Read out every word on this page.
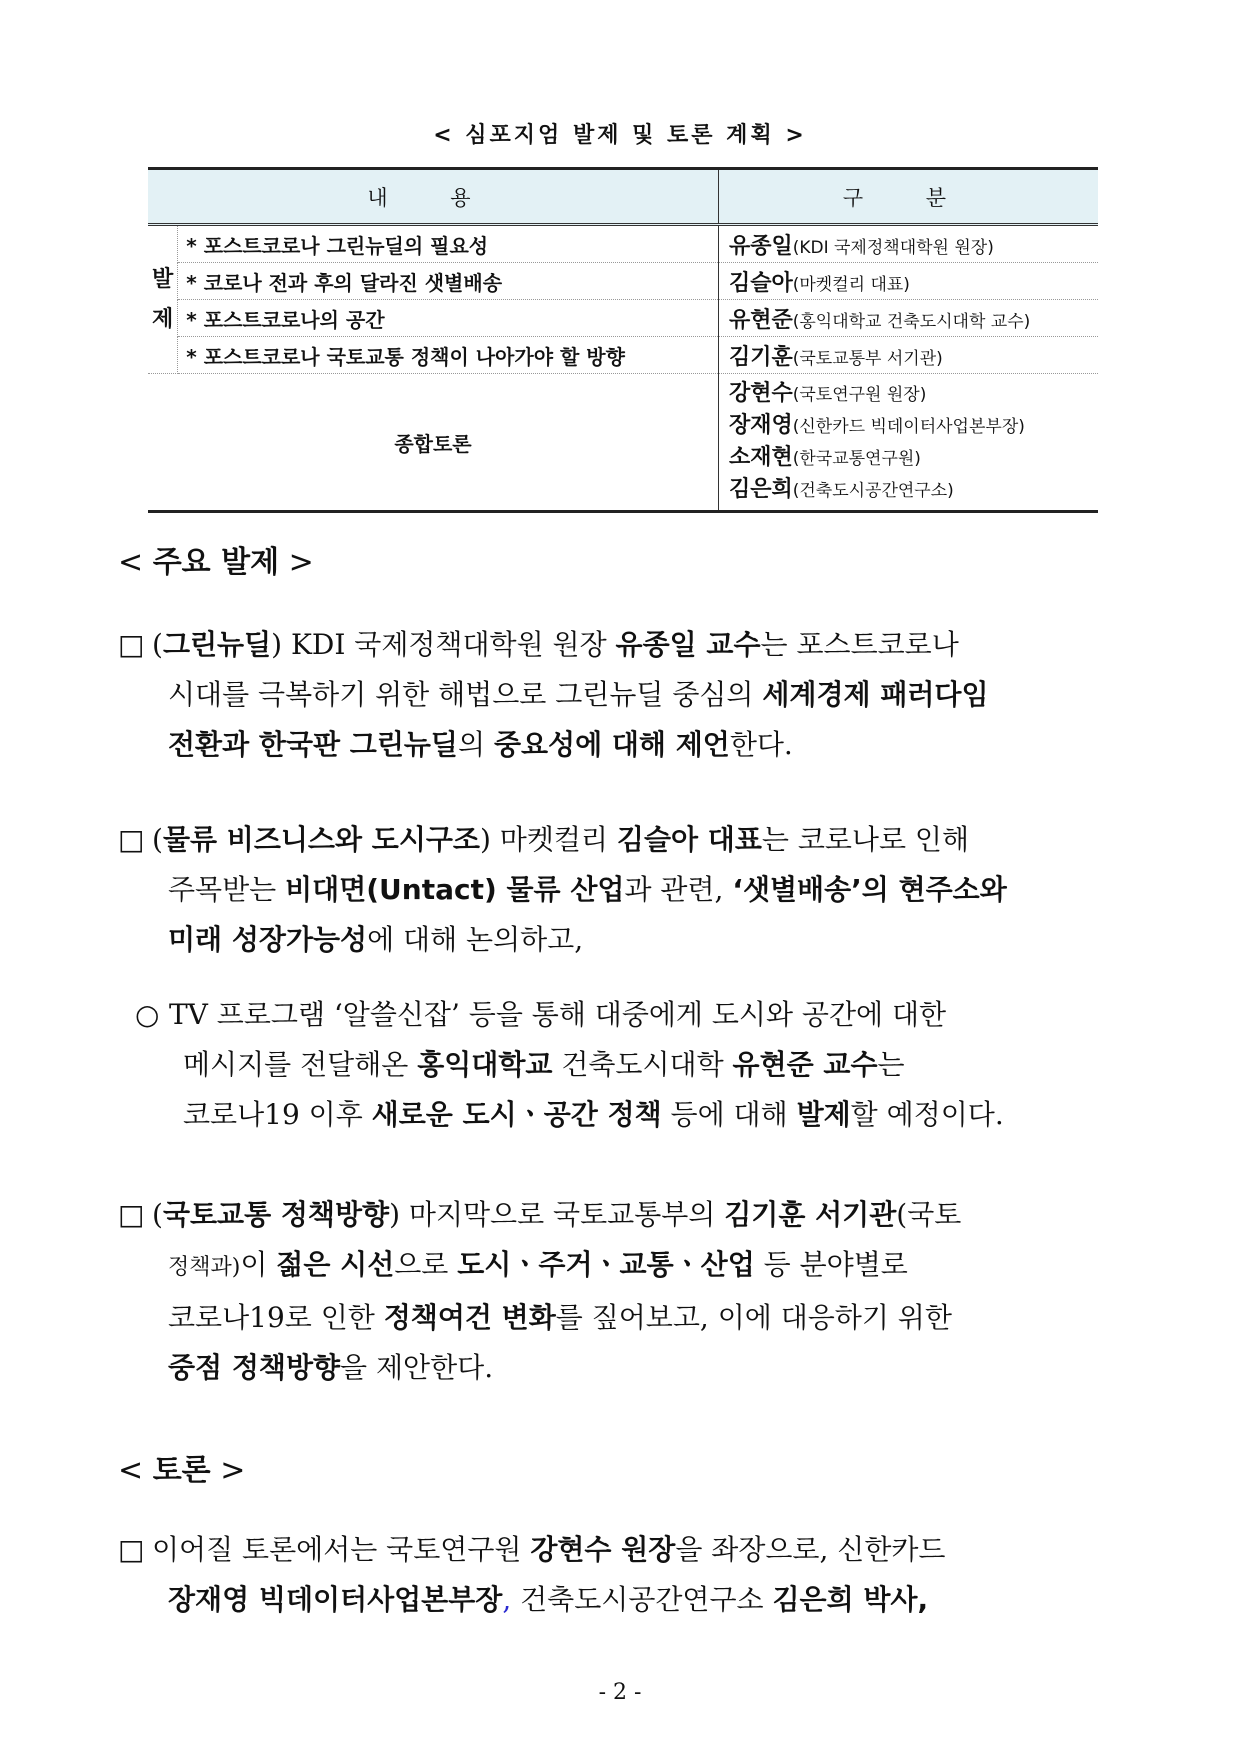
< 심포지엄 발제 및 토론 계획 >
내 용		구 분
발
제	* 포스트코로나 그린뉴딜의 필요성	유종일(KDI 국제정책대학원 원장)
	* 코로나 전과 후의 달라진 샛별배송	김슬아(마켓컬리 대표)
	* 포스트코로나의 공간	유현준(홍익대학교 건축도시대학 교수)
	* 포스트코로나 국토교통 정책이 나아가야 할 방향	김기훈(국토교통부 서기관)
종합토론		강현수(국토연구원 원장)
장재영(신한카드 빅데이터사업본부장)
소재현(한국교통연구원)
김은희(건축도시공간연구소)
< 주요 발제 >
□ (그린뉴딜) KDI 국제정책대학원 원장 유종일 교수는 포스트코로나
시대를 극복하기 위한 해법으로 그린뉴딜 중심의 세계경제 패러다임
전환과 한국판 그린뉴딜의 중요성에 대해 제언한다.
□ (물류 비즈니스와 도시구조) 마켓컬리 김슬아 대표는 코로나로 인해
주목받는 비대면(Untact) 물류 산업과 관련, ‘샛별배송’의 현주소와
미래 성장가능성에 대해 논의하고,
○ TV 프로그램 ‘알쓸신잡’ 등을 통해 대중에게 도시와 공간에 대한
메시지를 전달해온 홍익대학교 건축도시대학 유현준 교수는
코로나19 이후 새로운 도시ㆍ공간 정책 등에 대해 발제할 예정이다.
□ (국토교통 정책방향) 마지막으로 국토교통부의 김기훈 서기관(국토
정책과)이 젊은 시선으로 도시ㆍ주거ㆍ교통ㆍ산업 등 분야별로
코로나19로 인한 정책여건 변화를 짚어보고, 이에 대응하기 위한
중점 정책방향을 제안한다.
< 토론 >
□ 이어질 토론에서는 국토연구원 강현수 원장을 좌장으로, 신한카드
장재영 빅데이터사업본부장, 건축도시공간연구소 김은희 박사,
- 2 -
